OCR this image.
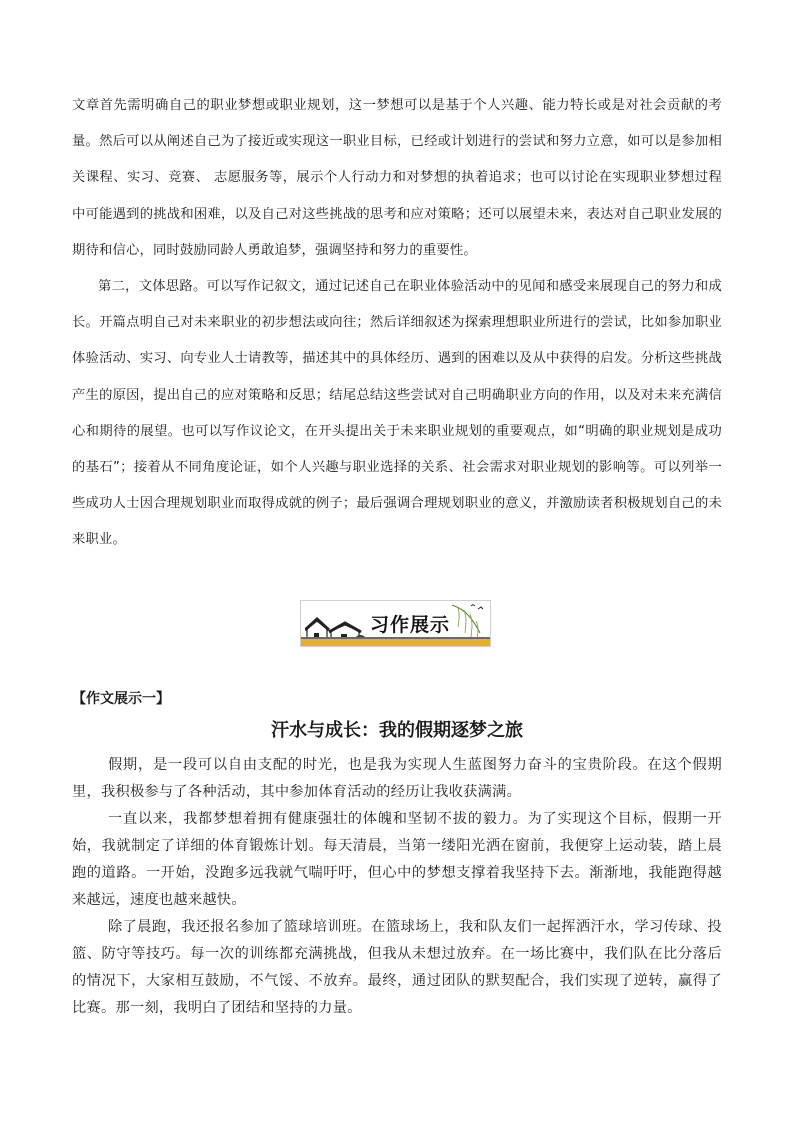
文章首先需明确自己的职业梦想或职业规划，这一梦想可以是基于个人兴趣、能力特长或是对社会贡献的考量。然后可以从阐述自己为了接近或实现这一职业目标，已经或计划进行的尝试和努力立意，如可以是参加相关课程、实习、竞赛、 志愿服务等，展示个人行动力和对梦想的执着追求；也可以讨论在实现职业梦想过程中可能遇到的挑战和困难，以及自己对这些挑战的思考和应对策略；还可以展望未来，表达对自己职业发展的期待和信心，同时鼓励同龄人勇敢追梦，强调坚持和努力的重要性。
第二，文体思路。可以写作记叙文，通过记述自己在职业体验活动中的见闻和感受来展现自己的努力和成长。开篇点明自己对未来职业的初步想法或向往；然后详细叙述为探索理想职业所进行的尝试，比如参加职业体验活动、实习、向专业人士请教等，描述其中的具体经历、遇到的困难以及从中获得的启发。分析这些挑战产生的原因，提出自己的应对策略和反思；结尾总结这些尝试对自己明确职业方向的作用，以及对未来充满信心和期待的展望。也可以写作议论文，在开头提出关于未来职业规划的重要观点，如“明确的职业规划是成功的基石”；接着从不同角度论证，如个人兴趣与职业选择的关系、社会需求对职业规划的影响等。可以列举一些成功人士因合理规划职业而取得成就的例子；最后强调合理规划职业的意义，并激励读者积极规划自己的未来职业。
习作展示
【作文展示一】
汗水与成长：我的假期逐梦之旅
假期，是一段可以自由支配的时光，也是我为实现人生蓝图努力奋斗的宝贵阶段。在这个假期里，我积极参与了各种活动，其中参加体育活动的经历让我收获满满。
一直以来，我都梦想着拥有健康强壮的体魄和坚韧不拔的毅力。为了实现这个目标，假期一开始，我就制定了详细的体育锻炼计划。每天清晨，当第一缕阳光洒在窗前，我便穿上运动装，踏上晨跑的道路。一开始，没跑多远我就气喘吁吁，但心中的梦想支撑着我坚持下去。渐渐地，我能跑得越来越远，速度也越来越快。
除了晨跑，我还报名参加了篮球培训班。在篮球场上，我和队友们一起挥洒汗水，学习传球、投篮、防守等技巧。每一次的训练都充满挑战，但我从未想过放弃。在一场比赛中，我们队在比分落后的情况下，大家相互鼓励，不气馁、不放弃。最终，通过团队的默契配合，我们实现了逆转，赢得了比赛。那一刻，我明白了团结和坚持的力量。
